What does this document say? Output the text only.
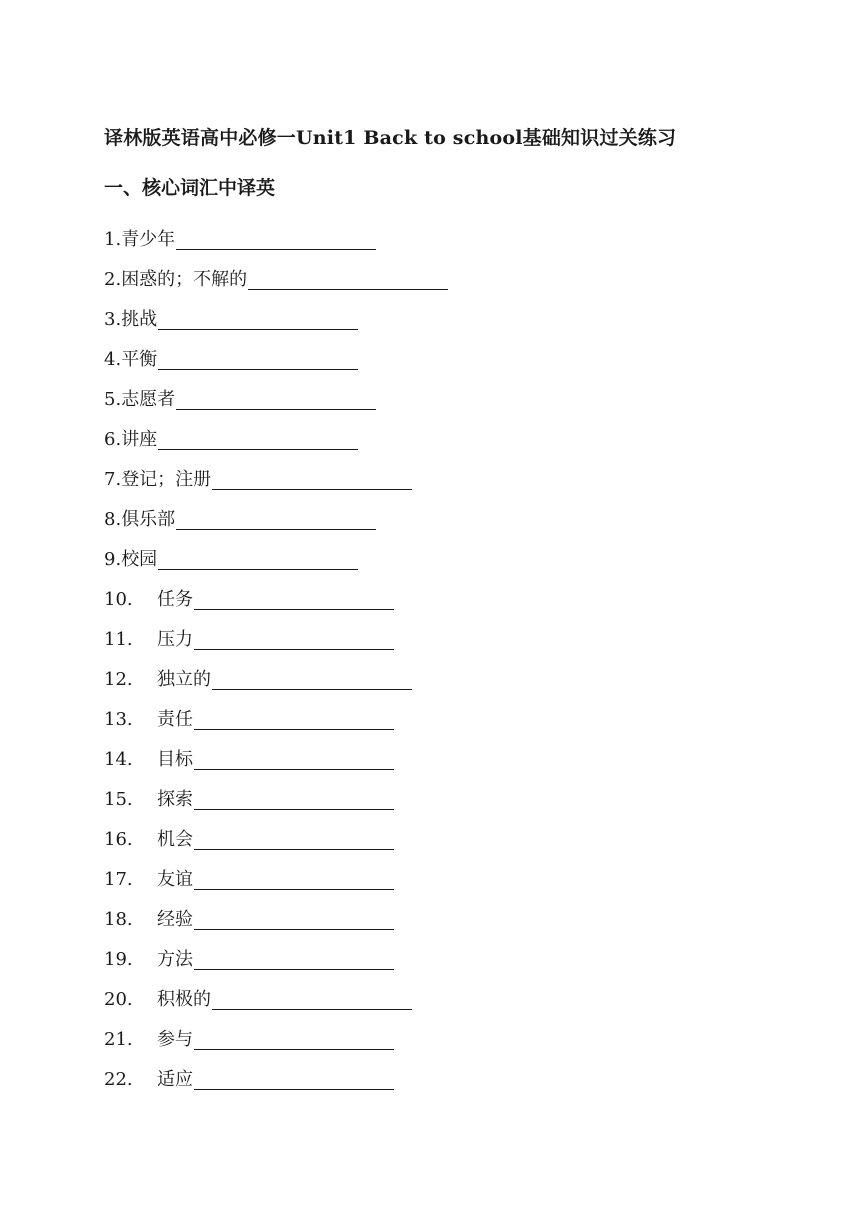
译林版英语高中必修一Unit1 Back to school基础知识过关练习
一、核心词汇中译英
1. 青少年
2. 困惑的；不解的
3. 挑战
4. 平衡
5. 志愿者
6. 讲座
7. 登记；注册
8. 俱乐部
9. 校园
10.	任务
11.	压力
12.	独立的
13.	责任
14.	目标
15.	探索
16.	机会
17.	友谊
18.	经验
19.	方法
20.	积极的
21.	参与
22.	适应
